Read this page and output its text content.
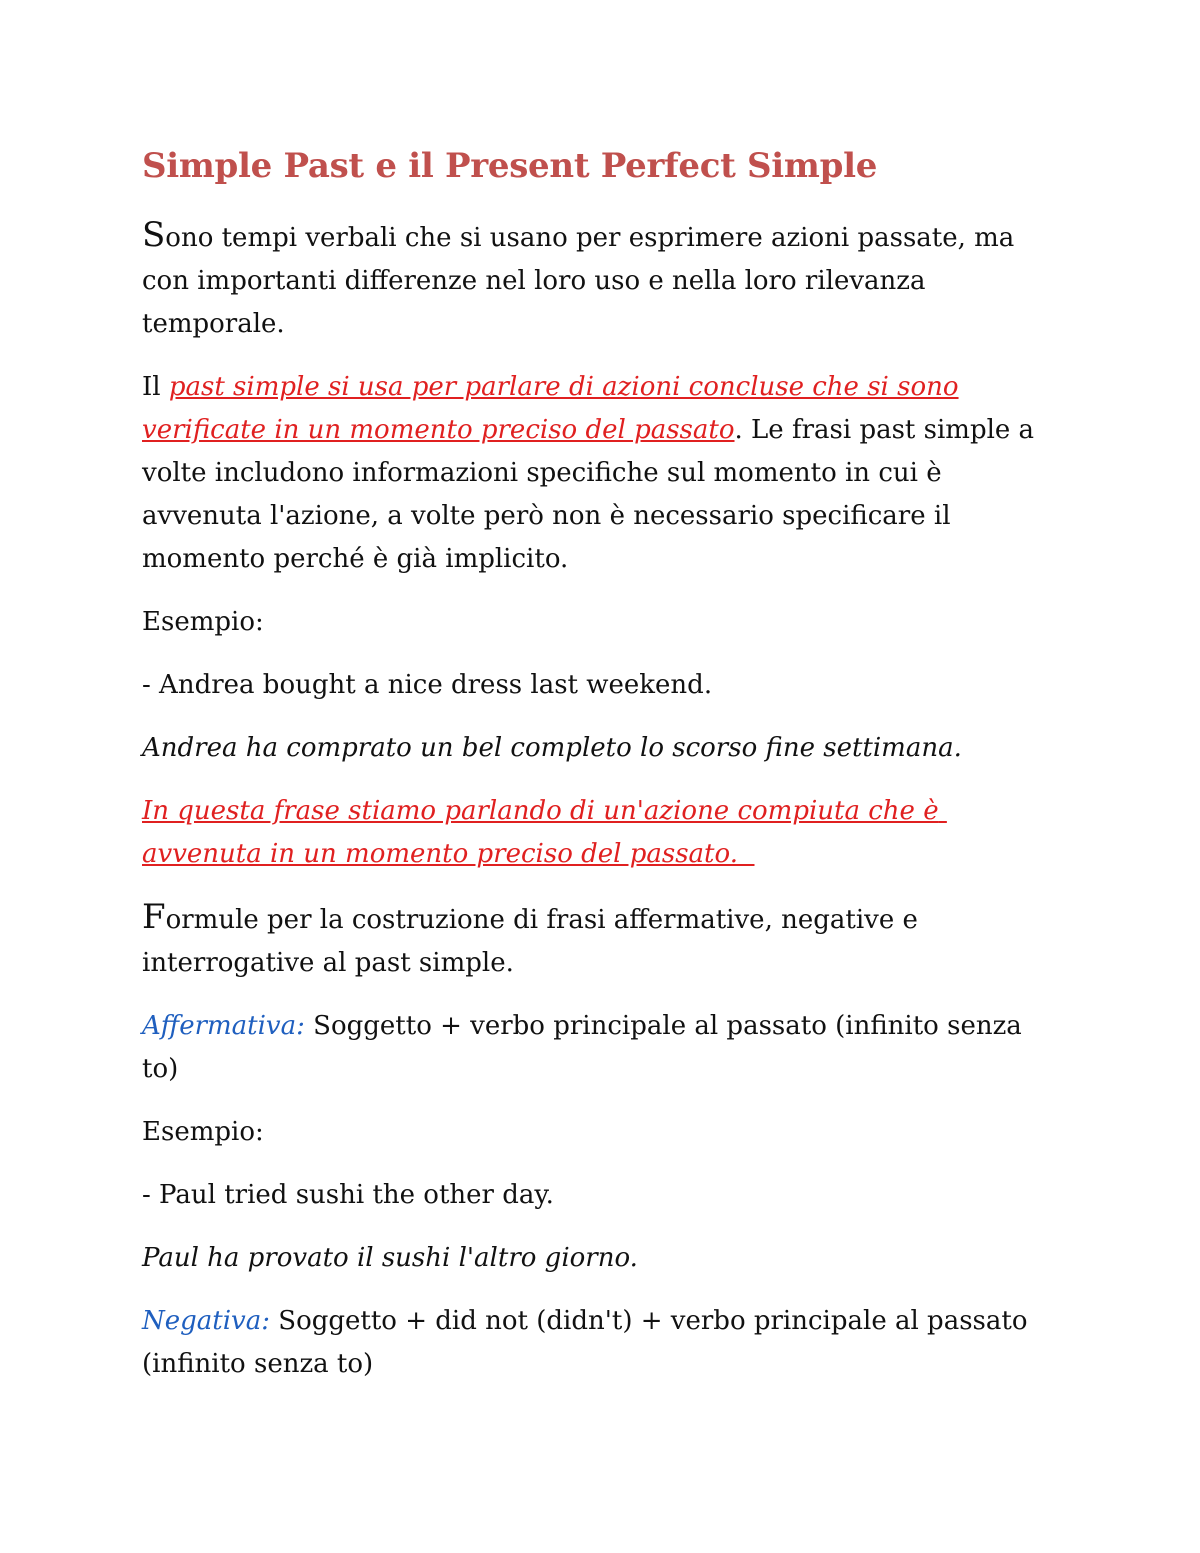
Simple Past e il Present Perfect Simple

Sono tempi verbali che si usano per esprimere azioni passate, ma con importanti differenze nel loro uso e nella loro rilevanza temporale.

Il past simple si usa per parlare di azioni concluse che si sono verificate in un momento preciso del passato. Le frasi past simple a volte includono informazioni specifiche sul momento in cui è avvenuta l'azione, a volte però non è necessario specificare il momento perché è già implicito.

Esempio:

- Andrea bought a nice dress last weekend.

Andrea ha comprato un bel completo lo scorso fine settimana.

In questa frase stiamo parlando di un'azione compiuta che è avvenuta in un momento preciso del passato.

Formule per la costruzione di frasi affermative, negative e interrogative al past simple.

Affermativa: Soggetto + verbo principale al passato (infinito senza to)

Esempio:

- Paul tried sushi the other day.

Paul ha provato il sushi l'altro giorno.

Negativa: Soggetto + did not (didn't) + verbo principale al passato (infinito senza to)
